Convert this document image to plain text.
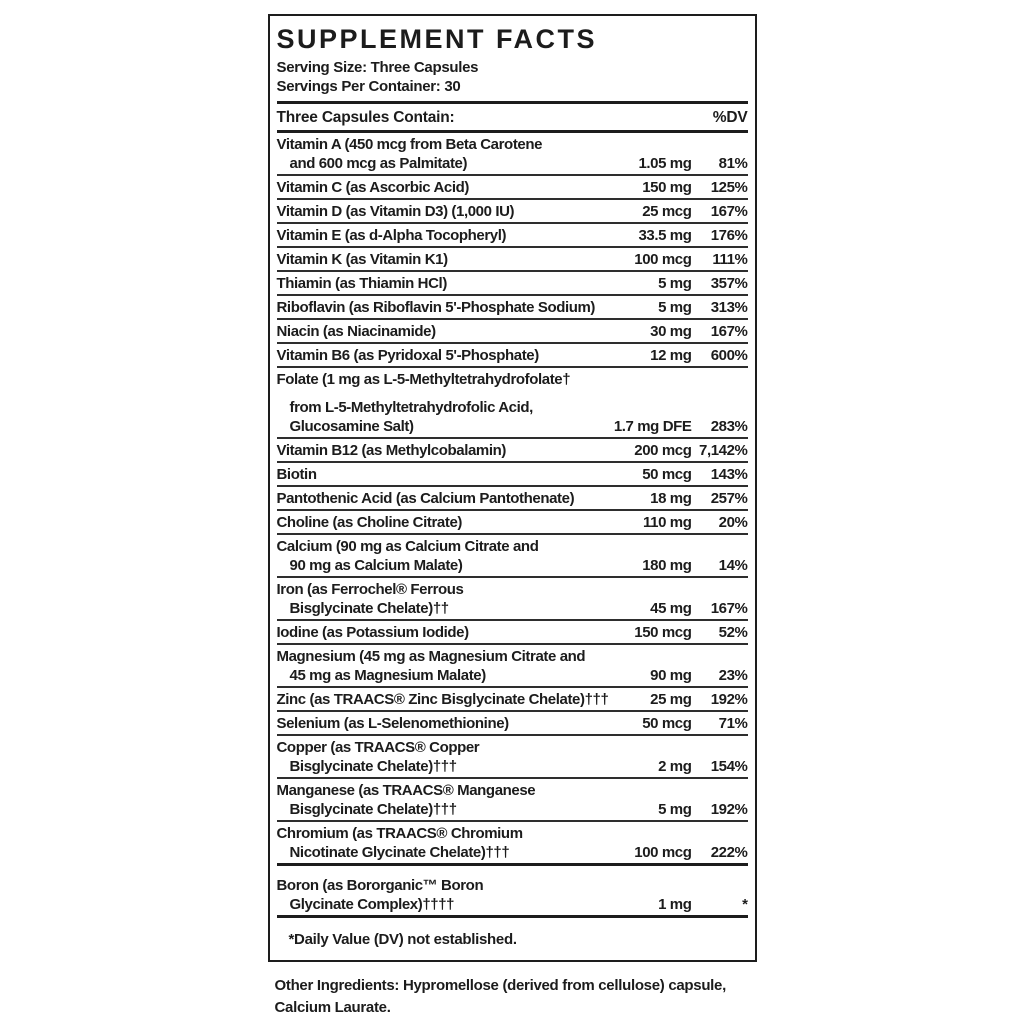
SUPPLEMENT FACTS
Serving Size: Three Capsules
Servings Per Container: 30
Three Capsules Contain:	%DV
Vitamin A (450 mcg from Beta Carotene
and 600 mcg as Palmitate)	1.05 mg	81%
Vitamin C (as Ascorbic Acid)	150 mg	125%
Vitamin D (as Vitamin D3) (1,000 IU)	25 mcg	167%
Vitamin E (as d-Alpha Tocopheryl)	33.5 mg	176%
Vitamin K (as Vitamin K1)	100 mcg	111%
Thiamin (as Thiamin HCl)	5 mg	357%
Riboflavin (as Riboflavin 5'-Phosphate Sodium)	5 mg	313%
Niacin (as Niacinamide)	30 mg	167%
Vitamin B6 (as Pyridoxal 5'-Phosphate)	12 mg	600%
Folate (1 mg as L-5-Methyltetrahydrofolate†
from L-5-Methyltetrahydrofolic Acid,
Glucosamine Salt)	1.7 mg DFE	283%
Vitamin B12 (as Methylcobalamin)	200 mcg 7,142%
Biotin	50 mcg	143%
Pantothenic Acid (as Calcium Pantothenate)	18 mg	257%
Choline (as Choline Citrate)	110 mg	20%
Calcium (90 mg as Calcium Citrate and
90 mg as Calcium Malate)	180 mg	14%
Iron (as Ferrochel® Ferrous
Bisglycinate Chelate)††	45 mg	167%
Iodine (as Potassium Iodide)	150 mcg	52%
Magnesium (45 mg as Magnesium Citrate and
45 mg as Magnesium Malate)	90 mg	23%
Zinc (as TRAACS® Zinc Bisglycinate Chelate)†††	25 mg	192%
Selenium (as L-Selenomethionine)	50 mcg	71%
Copper (as TRAACS® Copper
Bisglycinate Chelate)†††	2 mg	154%
Manganese (as TRAACS® Manganese
Bisglycinate Chelate)†††	5 mg	192%
Chromium (as TRAACS® Chromium
Nicotinate Glycinate Chelate)†††	100 mcg	222%
Boron (as Bororganic™ Boron
Glycinate Complex)††††	1 mg	*
*Daily Value (DV) not established.
Other Ingredients: Hypromellose (derived from cellulose) capsule,
Calcium Laurate.
